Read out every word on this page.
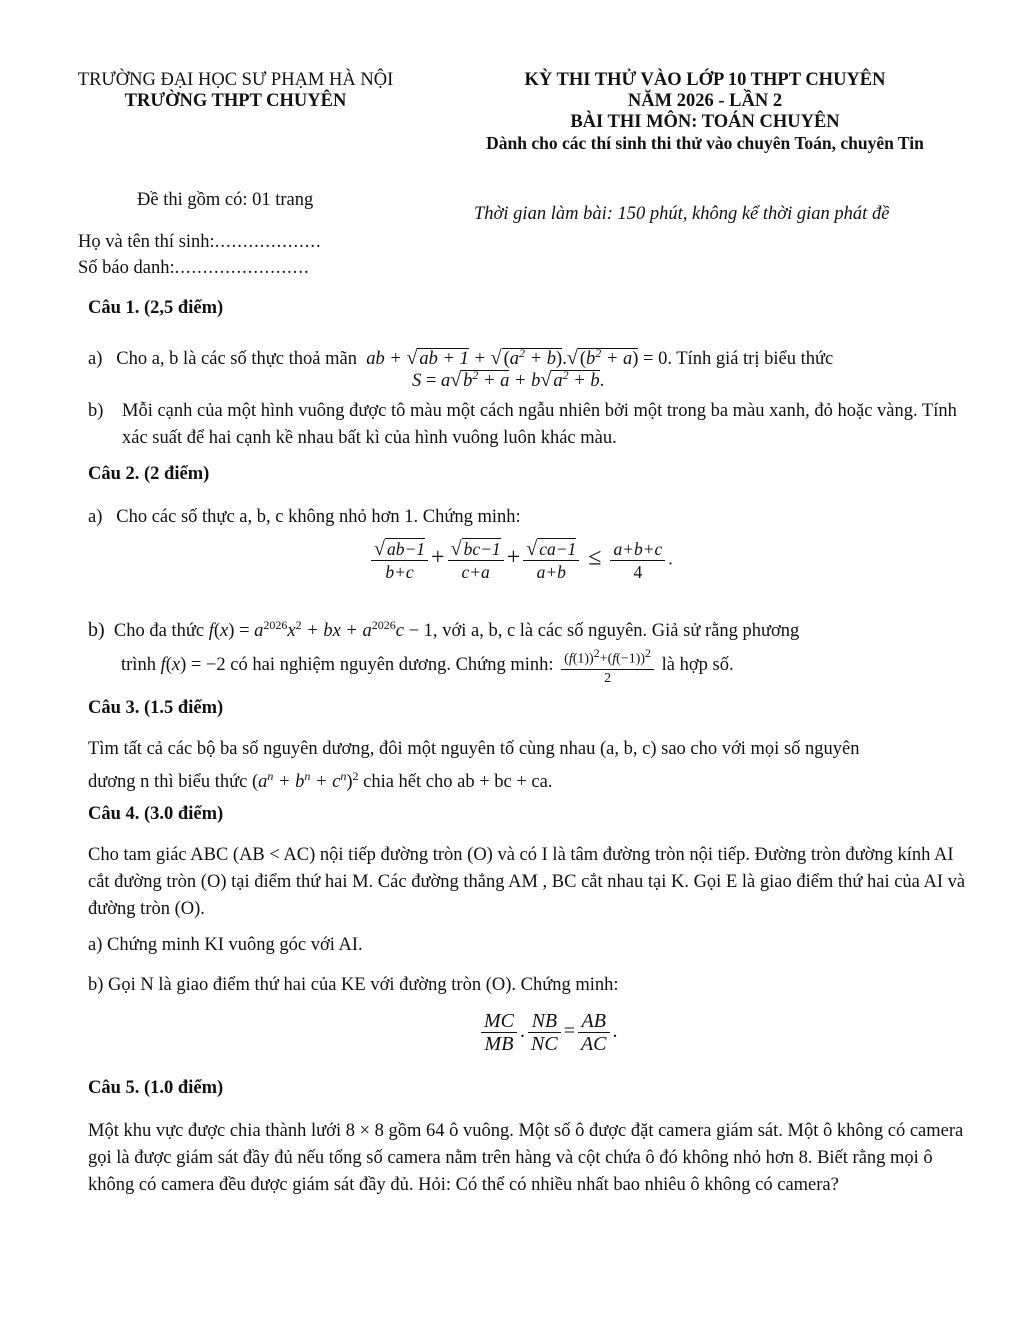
TRƯỜNG ĐẠI HỌC SƯ PHẠM HÀ NỘI
TRƯỜNG THPT CHUYÊN
KỲ THI THỬ VÀO LỚP 10 THPT CHUYÊN
NĂM 2026 - LẦN 2
BÀI THI MÔN: TOÁN CHUYÊN
Dành cho các thí sinh thi thử vào chuyên Toán, chuyên Tin
Đề thi gồm có: 01 trang
Thời gian làm bài: 150 phút, không kể thời gian phát đề
Họ và tên thí sinh:...................
Số báo danh:........................
Câu 1. (2,5 điểm)
a) Cho a, b là các số thực thoả mãn  ab + √ ab + 1 + √ $(a^2 + b).√$ $(b^2 + a) = 0$. Tính giá trị biểu thức
S = a√ $b^2 + a + b√$ $a^2 + b$.
b)	Mỗi cạnh của một hình vuông được tô màu một cách ngẫu nhiên bởi một trong ba màu xanh, đỏ hoặc vàng. Tính xác suất để hai cạnh kề nhau bất kì của hình vuông luôn khác màu.
Câu 2. (2 điểm)
a) Cho các số thực a, b, c không nhỏ hơn 1. Chứng minh:
$\frac{√ ab-1}{b+c} + \frac{√ bc-1}{c+a} + \frac{√ ca-1}{a+b} \le \frac{a+b+c}{4}$ .
b) Cho đa thức $f(x) = a^{2026}x^2$ + bx + $a^{2026}c - 1$, với a, b, c là các số nguyên. Giả sử rằng phương
trình f(x) = −2 có hai nghiệm nguyên dương. Chứng minh: $\frac{(f(1))^2+(f(-1))^2}{2}$ là hợp số.
Câu 3. (1.5 điểm)
Tìm tất cả các bộ ba số nguyên dương, đôi một nguyên tố cùng nhau (a, b, c) sao cho với mọi số nguyên
dương n thì biểu thức $(a^n + b^n + c^n)^2$ chia hết cho ab + bc + ca.
Câu 4. (3.0 điểm)
Cho tam giác ABC (AB < AC) nội tiếp đường tròn (O) và có I là tâm đường tròn nội tiếp. Đường tròn đường kính AI cắt đường tròn (O) tại điểm thứ hai M. Các đường thẳng AM , BC cắt nhau tại K. Gọi E là giao điểm thứ hai của AI và đường tròn (O).
a) Chứng minh KI vuông góc với AI.
b) Gọi N là giao điểm thứ hai của KE với đường tròn (O). Chứng minh:
$\frac{MC}{MB}$ . $\frac{NB}{NC} = \frac{AB}{AC}$ .
Câu 5. (1.0 điểm)
Một khu vực được chia thành lưới 8 × 8 gồm 64 ô vuông. Một số ô được đặt camera giám sát. Một ô không có camera gọi là được giám sát đầy đủ nếu tổng số camera nằm trên hàng và cột chứa ô đó không nhỏ hơn 8. Biết rằng mọi ô không có camera đều được giám sát đầy đủ. Hỏi: Có thể có nhiều nhất bao nhiêu ô không có camera?
